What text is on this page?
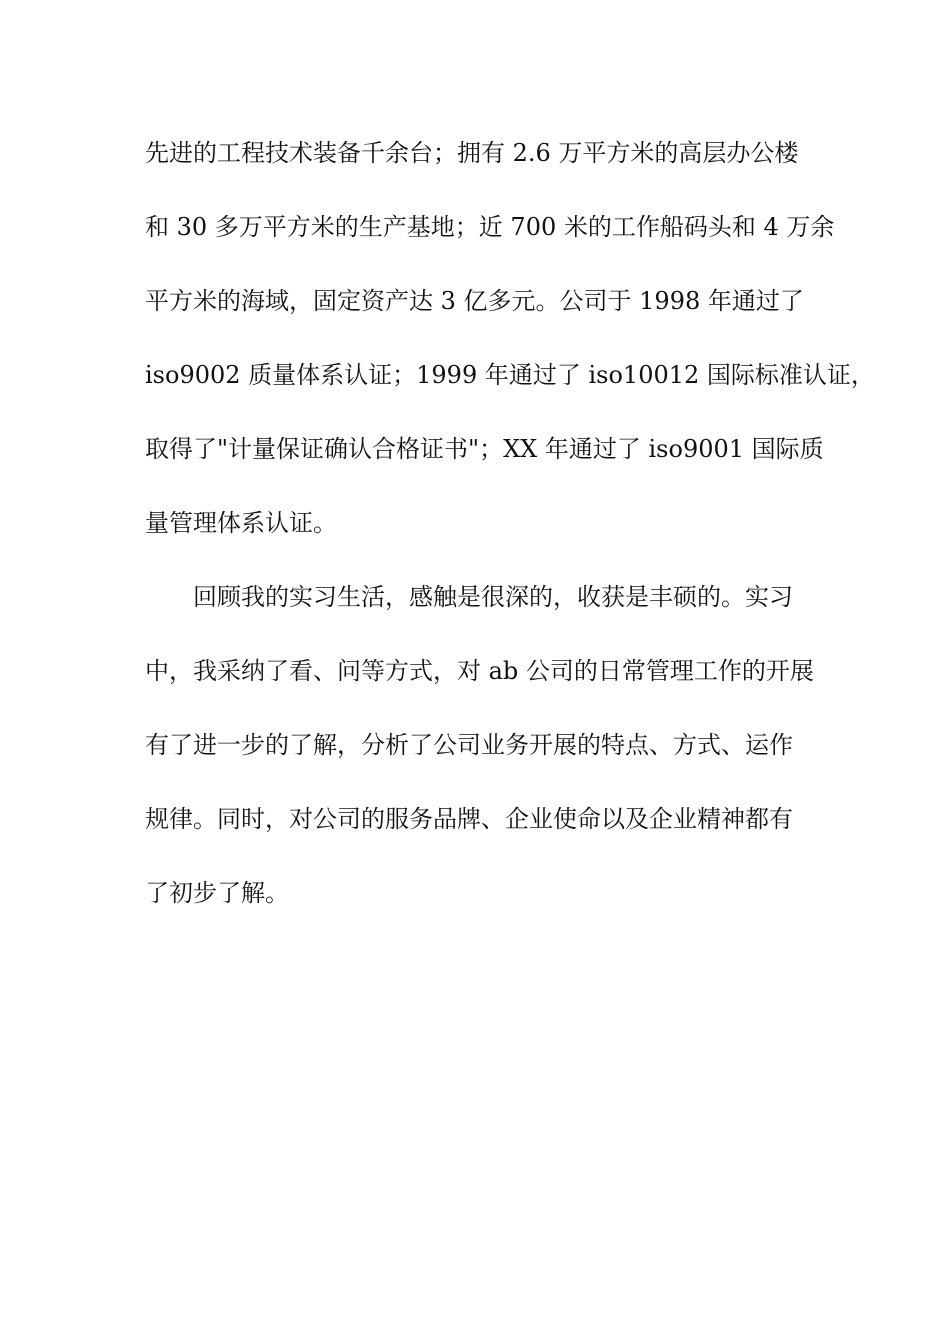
先进的工程技术装备千余台；拥有 2.6 万平方米的高层办公楼
和 30 多万平方米的生产基地；近 700 米的工作船码头和 4 万余
平方米的海域，固定资产达 3 亿多元。公司于 1998 年通过了
iso9002 质量体系认证；1999 年通过了 iso10012 国际标准认证，
取得了"计量保证确认合格证书"；XX 年通过了 iso9001 国际质
量管理体系认证。
回顾我的实习生活，感触是很深的，收获是丰硕的。实习
中，我采纳了看、问等方式，对 ab 公司的日常管理工作的开展
有了进一步的了解，分析了公司业务开展的特点、方式、运作
规律。同时，对公司的服务品牌、企业使命以及企业精神都有
了初步了解。
